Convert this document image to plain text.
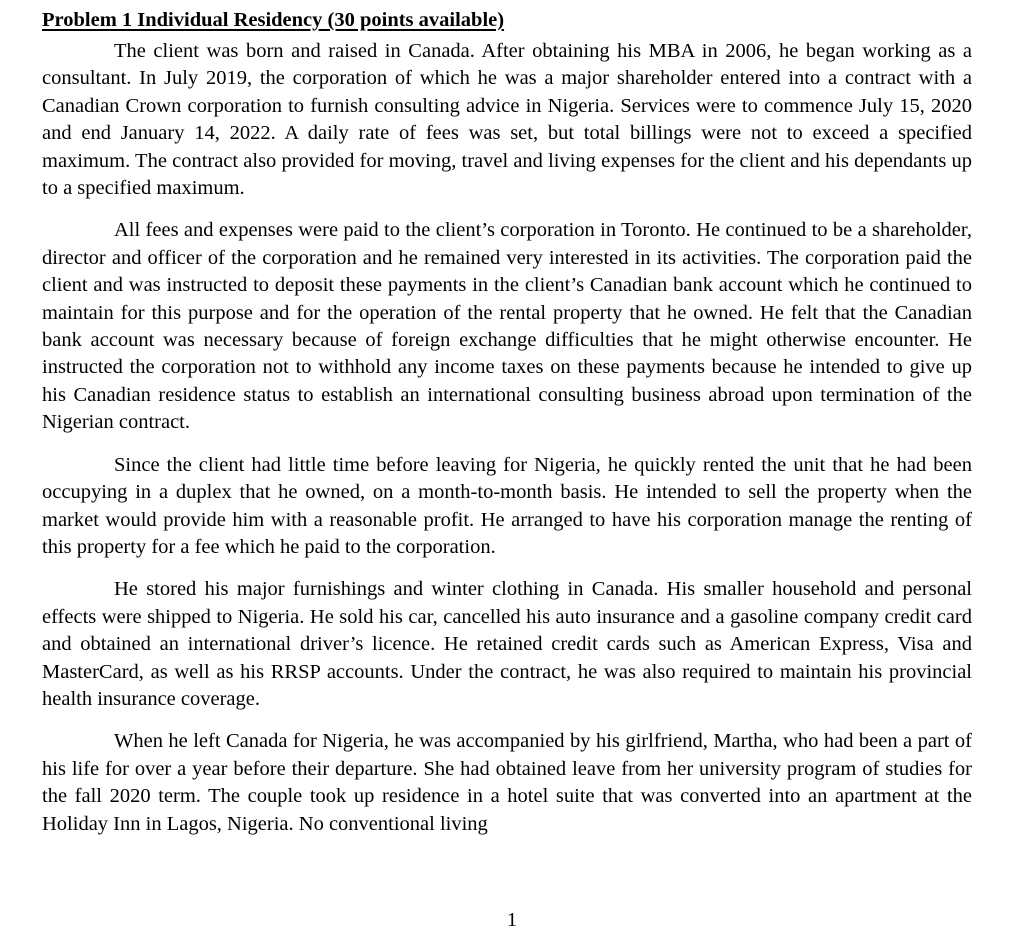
Problem 1 Individual Residency (30 points available)

The client was born and raised in Canada. After obtaining his MBA in 2006, he began working as a consultant. In July 2019, the corporation of which he was a major shareholder entered into a contract with a Canadian Crown corporation to furnish consulting advice in Nigeria. Services were to commence July 15, 2020 and end January 14, 2022. A daily rate of fees was set, but total billings were not to exceed a specified maximum. The contract also provided for moving, travel and living expenses for the client and his dependants up to a specified maximum.

All fees and expenses were paid to the client’s corporation in Toronto. He continued to be a shareholder, director and officer of the corporation and he remained very interested in its activities. The corporation paid the client and was instructed to deposit these payments in the client’s Canadian bank account which he continued to maintain for this purpose and for the operation of the rental property that he owned. He felt that the Canadian bank account was necessary because of foreign exchange difficulties that he might otherwise encounter. He instructed the corporation not to withhold any income taxes on these payments because he intended to give up his Canadian residence status to establish an international consulting business abroad upon termination of the Nigerian contract.

Since the client had little time before leaving for Nigeria, he quickly rented the unit that he had been occupying in a duplex that he owned, on a month-to-month basis. He intended to sell the property when the market would provide him with a reasonable profit. He arranged to have his corporation manage the renting of this property for a fee which he paid to the corporation.

He stored his major furnishings and winter clothing in Canada. His smaller household and personal effects were shipped to Nigeria. He sold his car, cancelled his auto insurance and a gasoline company credit card and obtained an international driver’s licence. He retained credit cards such as American Express, Visa and MasterCard, as well as his RRSP accounts. Under the contract, he was also required to maintain his provincial health insurance coverage.

When he left Canada for Nigeria, he was accompanied by his girlfriend, Martha, who had been a part of his life for over a year before their departure. She had obtained leave from her university program of studies for the fall 2020 term. The couple took up residence in a hotel suite that was converted into an apartment at the Holiday Inn in Lagos, Nigeria. No conventional living

1
